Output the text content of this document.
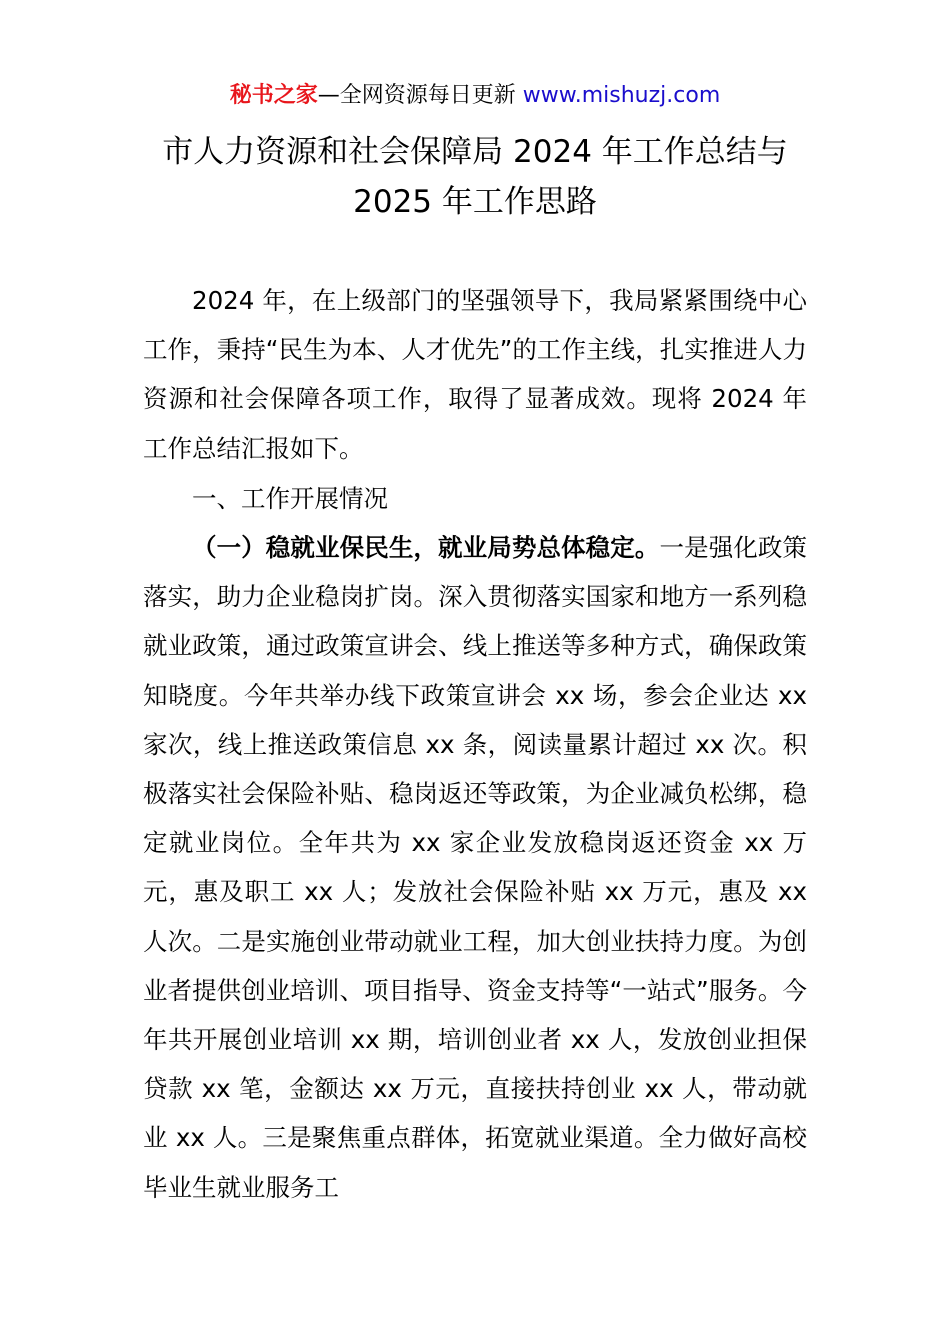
秘书之家—全网资源每日更新 www.mishuzj.com
市人力资源和社会保障局 2024 年工作总结与
2025 年工作思路

2024 年，在上级部门的坚强领导下，我局紧紧围绕中心工作，秉持“民生为本、人才优先”的工作主线，扎实推进人力资源和社会保障各项工作，取得了显著成效。现将 2024 年工作总结汇报如下。

一、工作开展情况

（一）稳就业保民生，就业局势总体稳定。一是强化政策落实，助力企业稳岗扩岗。深入贯彻落实国家和地方一系列稳就业政策，通过政策宣讲会、线上推送等多种方式，确保政策知晓度。今年共举办线下政策宣讲会 xx 场，参会企业达 xx 家次，线上推送政策信息 xx 条，阅读量累计超过 xx 次。积极落实社会保险补贴、稳岗返还等政策，为企业减负松绑，稳定就业岗位。全年共为 xx 家企业发放稳岗返还资金 xx 万元，惠及职工 xx 人；发放社会保险补贴 xx 万元，惠及 xx 人次。二是实施创业带动就业工程，加大创业扶持力度。为创业者提供创业培训、项目指导、资金支持等“一站式”服务。今年共开展创业培训 xx 期，培训创业者 xx 人，发放创业担保贷款 xx 笔，金额达 xx 万元，直接扶持创业 xx 人，带动就业 xx 人。三是聚焦重点群体，拓宽就业渠道。全力做好高校毕业生就业服务工
